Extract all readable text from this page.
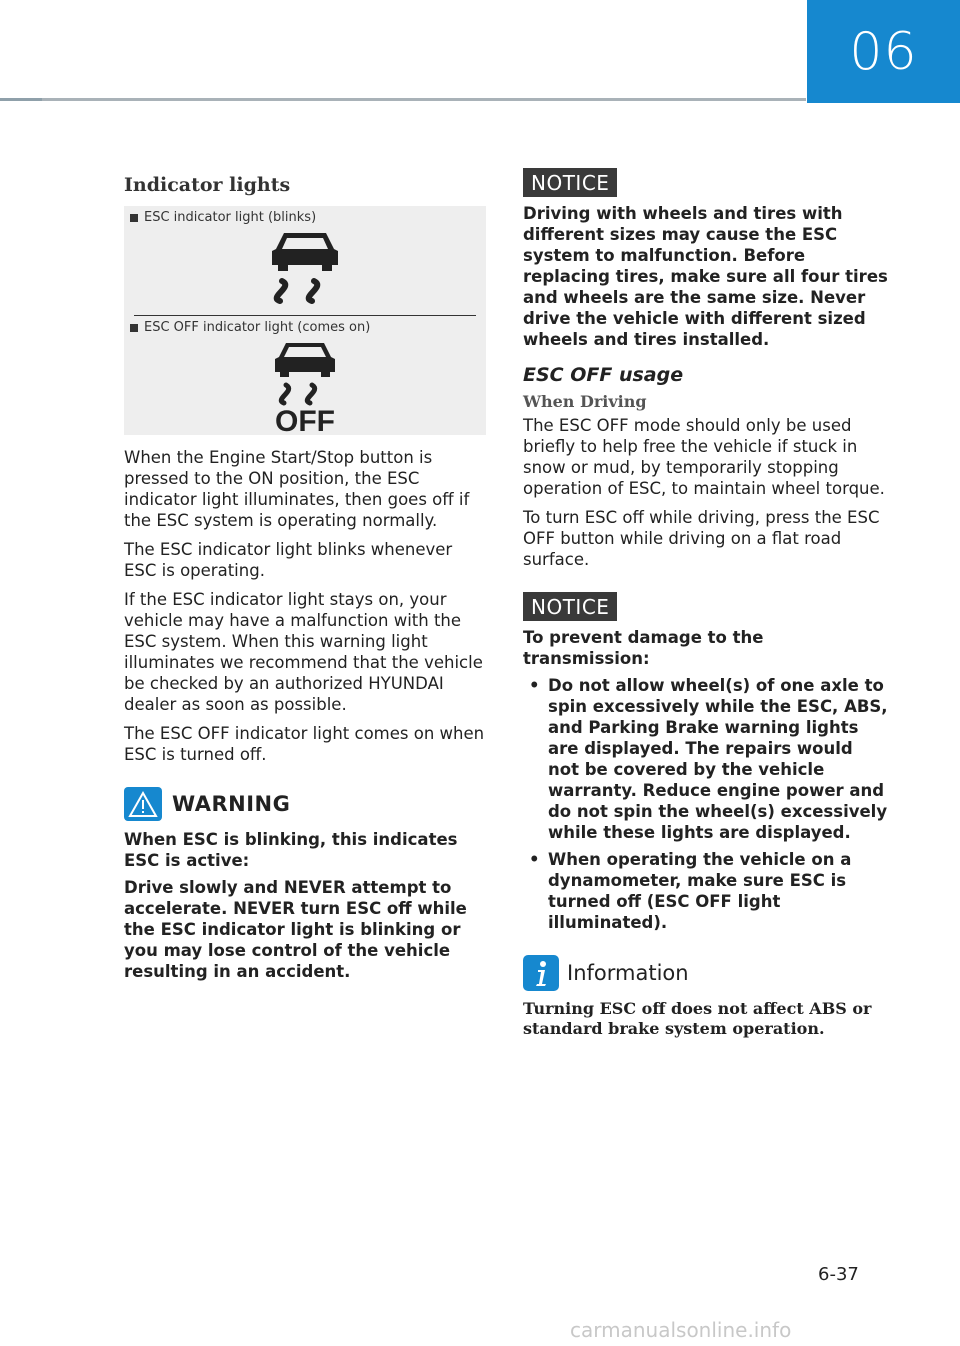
06
Indicator lights
ESC indicator light (blinks)
ESC OFF indicator light (comes on)
OFF

When the Engine Start/Stop button is pressed to the ON position, the ESC indicator light illuminates, then goes off if the ESC system is operating normally.

The ESC indicator light blinks whenever ESC is operating.

If the ESC indicator light stays on, your vehicle may have a malfunction with the ESC system. When this warning light illuminates we recommend that the vehicle be checked by an authorized HYUNDAI dealer as soon as possible.

The ESC OFF indicator light comes on when ESC is turned off.

WARNING

When ESC is blinking, this indicates ESC is active:

Drive slowly and NEVER attempt to accelerate. NEVER turn ESC off while the ESC indicator light is blinking or you may lose control of the vehicle resulting in an accident.

NOTICE

Driving with wheels and tires with different sizes may cause the ESC system to malfunction. Before replacing tires, make sure all four tires and wheels are the same size. Never drive the vehicle with different sized wheels and tires installed.

ESC OFF usage
When Driving

The ESC OFF mode should only be used briefly to help free the vehicle if stuck in snow or mud, by temporarily stopping operation of ESC, to maintain wheel torque.

To turn ESC off while driving, press the ESC OFF button while driving on a flat road surface.

NOTICE

To prevent damage to the transmission:

• Do not allow wheel(s) of one axle to spin excessively while the ESC, ABS, and Parking Brake warning lights are displayed. The repairs would not be covered by the vehicle warranty. Reduce engine power and do not spin the wheel(s) excessively while these lights are displayed.
• When operating the vehicle on a dynamometer, make sure ESC is turned off (ESC OFF light illuminated).
Information
Turning ESC off does not affect ABS or standard brake system operation.
6-37
carmanualsonline.info
